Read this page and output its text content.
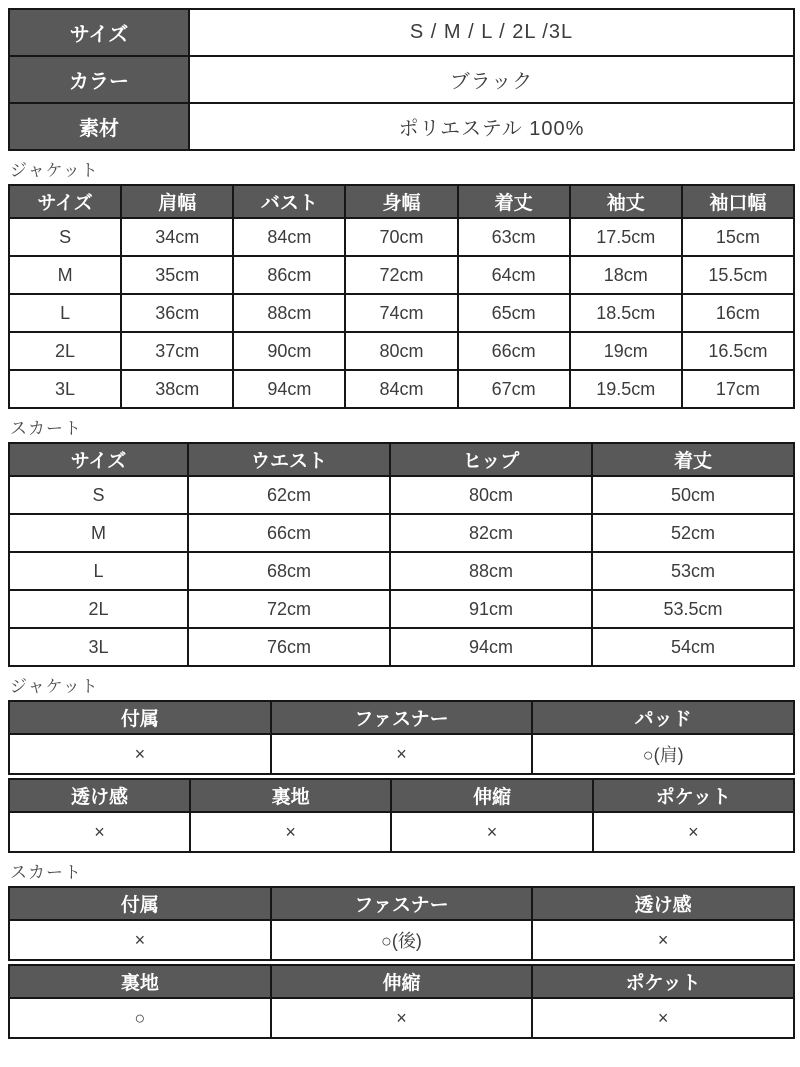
サイズ	S / M / L / 2L /3L
カラー	ブラック
素材	ポリエステル 100%
ジャケット
サイズ	肩幅	バスト	身幅	着丈	袖丈	袖口幅
S	34cm	84cm	70cm	63cm	17.5cm	15cm
M	35cm	86cm	72cm	64cm	18cm	15.5cm
L	36cm	88cm	74cm	65cm	18.5cm	16cm
2L	37cm	90cm	80cm	66cm	19cm	16.5cm
3L	38cm	94cm	84cm	67cm	19.5cm	17cm
スカート
サイズ	ウエスト	ヒップ	着丈
S	62cm	80cm	50cm
M	66cm	82cm	52cm
L	68cm	88cm	53cm
2L	72cm	91cm	53.5cm
3L	76cm	94cm	54cm
ジャケット
付属	ファスナー	パッド
×	×	○(肩)
透け感	裏地	伸縮	ポケット
×	×	×	×
スカート
付属	ファスナー	透け感
×	○(後)	×
裏地	伸縮	ポケット
○	×	×
